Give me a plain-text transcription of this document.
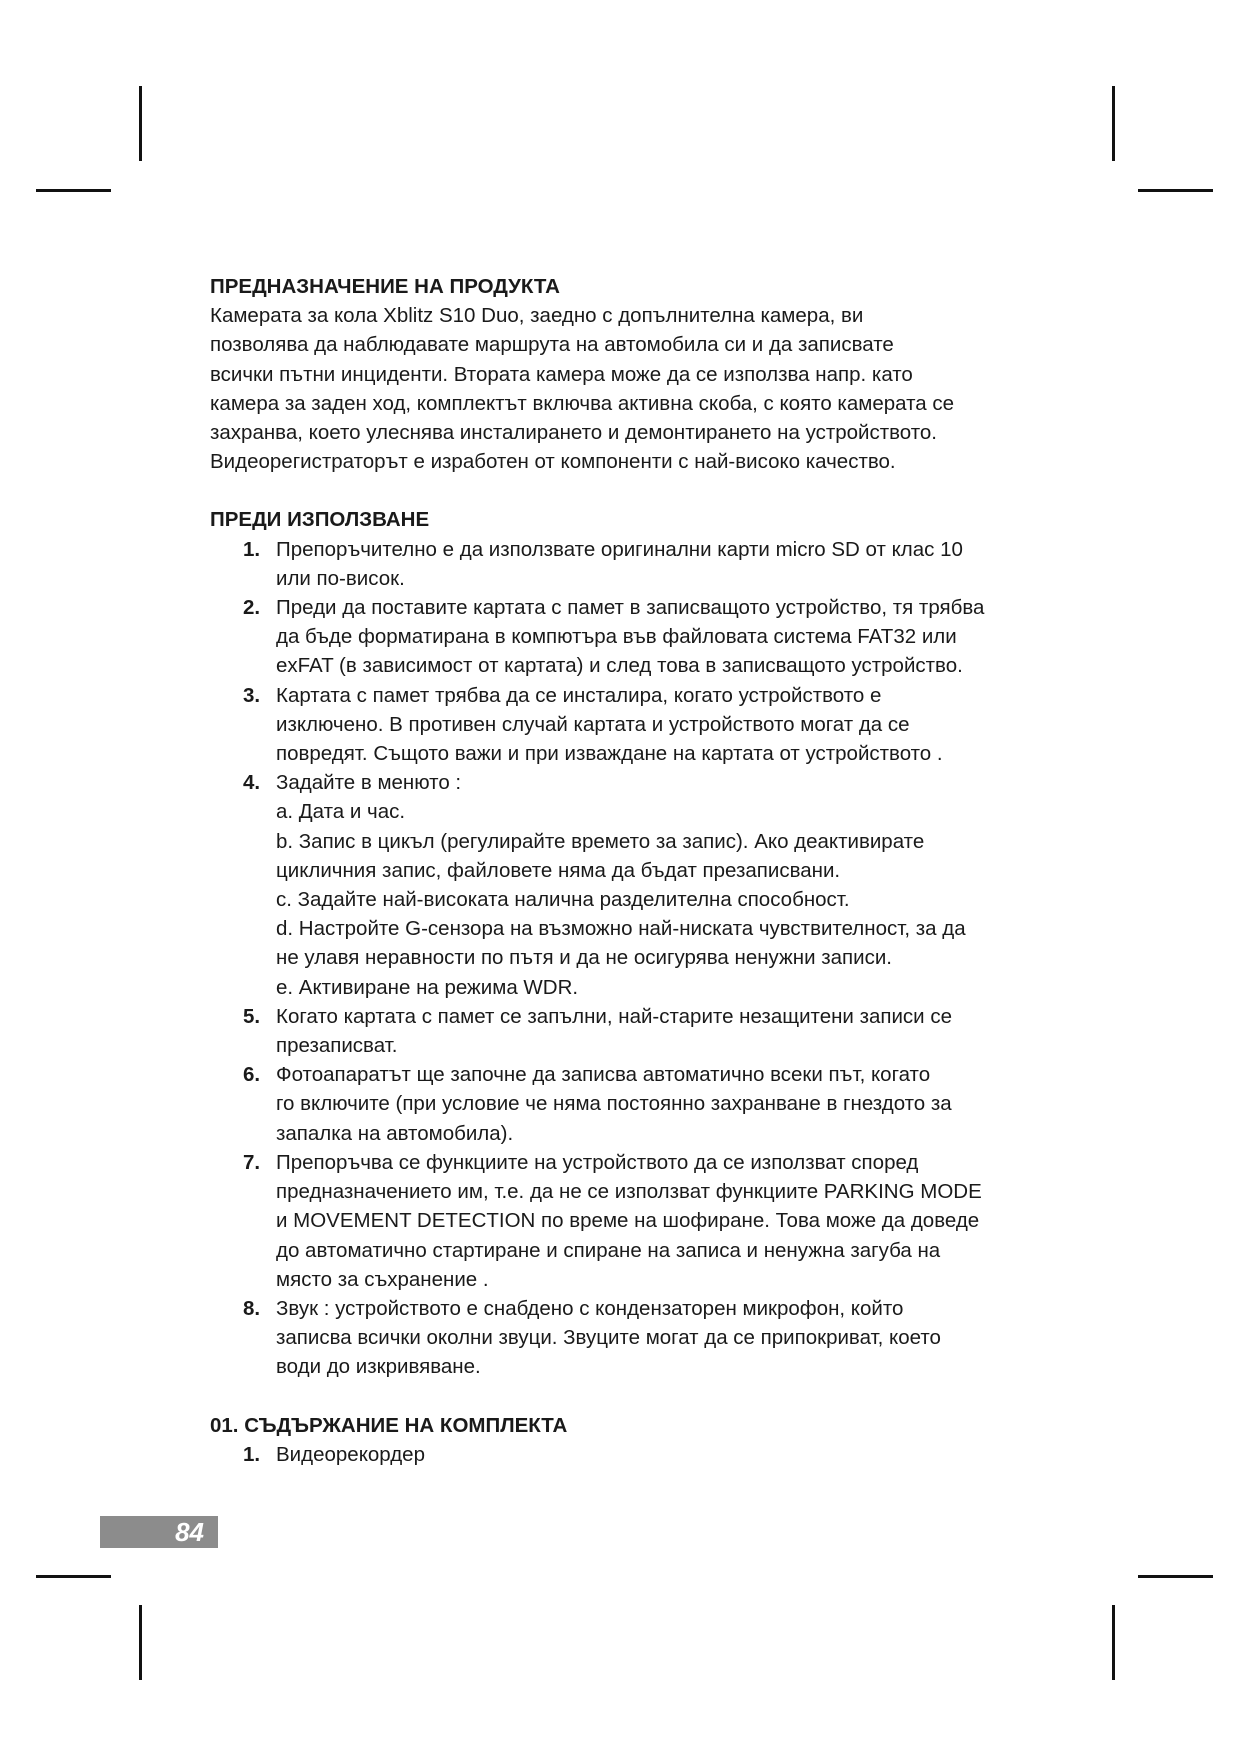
ПРЕДНАЗНАЧЕНИЕ НА ПРОДУКТА

Камерата за кола Xblitz S10 Duo, заедно с допълнителна камера, ви
позволява да наблюдавате маршрута на автомобила си и да записвате
всички пътни инциденти. Втората камера може да се използва напр. като
камера за заден ход, комплектът включва активна скоба, с която камерата се
захранва, което улеснява инсталирането и демонтирането на устройството.
Видеорегистраторът е изработен от компоненти с най-високо качество.

ПРЕДИ ИЗПОЛЗВАНЕ

1. Препоръчително е да използвате оригинални карти micro SD от клас 10
или по-висок.
2. Преди да поставите картата с памет в записващото устройство, тя трябва
да бъде форматирана в компютъра във файловата система FAT32 или
exFAT (в зависимост от картата) и след това в записващото устройство.
3. Картата с памет трябва да се инсталира, когато устройството е
изключено. В противен случай картата и устройството могат да се
повредят. Същото важи и при изваждане на картата от устройството .
4. Задайте в менюто :
a. Дата и час.
b. Запис в цикъл (регулирайте времето за запис). Ако деактивирате
цикличния запис, файловете няма да бъдат презаписвани.
c. Задайте най-високата налична разделителна способност.
d. Настройте G-сензора на възможно най-ниската чувствителност, за да
не улавя неравности по пътя и да не осигурява ненужни записи.
e. Активиране на режима WDR.
5. Когато картата с памет се запълни, най-старите незащитени записи се
презаписват.
6. Фотоапаратът ще започне да записва автоматично всеки път, когато
го включите (при условие че няма постоянно захранване в гнездото за
запалка на автомобила).
7. Препоръчва се функциите на устройството да се използват според
предназначението им, т.е. да не се използват функциите PARKING MODE
и MOVEMENT DETECTION по време на шофиране. Това може да доведе
до автоматично стартиране и спиране на записа и ненужна загуба на
място за съхранение .
8. Звук : устройството е снабдено с кондензаторен микрофон, който
записва всички околни звуци. Звуците могат да се припокриват, което
води до изкривяване.

01. СЪДЪРЖАНИЕ НА КОМПЛЕКТА

1. Видеорекордер
84
